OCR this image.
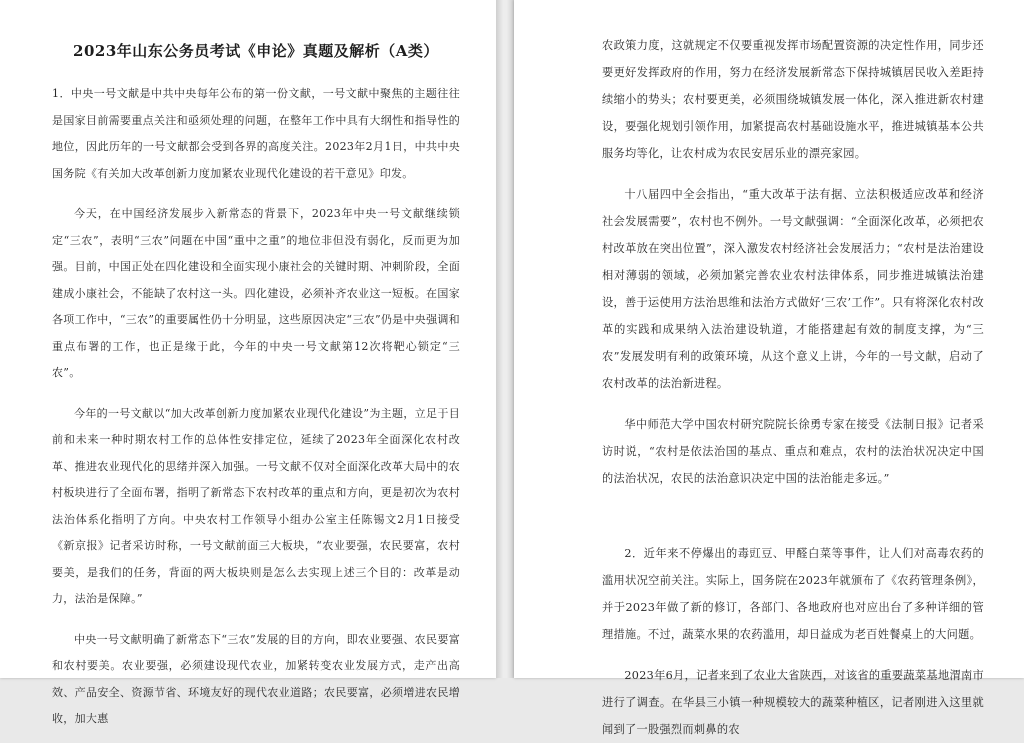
2023年山东公务员考试《申论》真题及解析（A类）

1．中央一号文献是中共中央每年公布的第一份文献，一号文献中聚焦的主题往往是国家目前需要重点关注和亟须处理的问题，在整年工作中具有大纲性和指导性的地位，因此历年的一号文献都会受到各界的高度关注。2023年2月1日，中共中央国务院《有关加大改革创新力度加紧农业现代化建设的若干意见》印发。

今天，在中国经济发展步入新常态的背景下，2023年中央一号文献继续锁定“三农”，表明“三农”问题在中国“重中之重”的地位非但没有弱化，反而更为加强。目前，中国正处在四化建设和全面实现小康社会的关键时期、冲刺阶段，全面建成小康社会，不能缺了农村这一头。四化建设，必须补齐农业这一短板。在国家各项工作中，“三农”的重要属性仍十分明显，这些原因决定“三农”仍是中央强调和重点布署的工作，也正是缘于此，今年的中央一号文献第12次将靶心锁定“三农”。

今年的一号文献以“加大改革创新力度加紧农业现代化建设”为主题，立足于目前和未来一种时期农村工作的总体性安排定位，延续了2023年全面深化农村改革、推进农业现代化的思绪并深入加强。一号文献不仅对全面深化改革大局中的农村板块进行了全面布署，指明了新常态下农村改革的重点和方向，更是初次为农村法治体系化指明了方向。中央农村工作领导小组办公室主任陈锡文2月1日接受《新京报》记者采访时称，一号文献前面三大板块，“农业要强，农民要富，农村要美，是我们的任务，背面的两大板块则是怎么去实现上述三个目的：改革是动力，法治是保障。”

中央一号文献明确了新常态下“三农”发展的目的方向，即农业要强、农民要富和农村要美。农业要强，必须建设现代农业，加紧转变农业发展方式，走产出高效、产品安全、资源节省、环境友好的现代农业道路；农民要富，必须增进农民增收，加大惠

农政策力度，这就规定不仅要重视发挥市场配置资源的决定性作用，同步还要更好发挥政府的作用，努力在经济发展新常态下保持城镇居民收入差距持续缩小的势头；农村要更美，必须围绕城镇发展一体化，深入推进新农村建设，要强化规划引领作用，加紧提高农村基础设施水平，推进城镇基本公共服务均等化，让农村成为农民安居乐业的漂亮家园。

十八届四中全会指出，“重大改革于法有据、立法积极适应改革和经济社会发展需要”，农村也不例外。一号文献强调：“全面深化改革，必须把农村改革放在突出位置”，深入激发农村经济社会发展活力；“农村是法治建设相对薄弱的领域，必须加紧完善农业农村法律体系，同步推进城镇法治建设，善于运使用方法治思维和法治方式做好‘三农’工作”。只有将深化农村改革的实践和成果纳入法治建设轨道，才能搭建起有效的制度支撑，为“三农”发展发明有利的政策环境，从这个意义上讲，今年的一号文献，启动了农村改革的法治新进程。

华中师范大学中国农村研究院院长徐勇专家在接受《法制日报》记者采访时说，“农村是依法治国的基点、重点和难点，农村的法治状况决定中国的法治状况，农民的法治意识决定中国的法治能走多远。”

2．近年来不停爆出的毒豇豆、甲醛白菜等事件，让人们对高毒农药的滥用状况空前关注。实际上，国务院在2023年就颁布了《农药管理条例》，并于2023年做了新的修订，各部门、各地政府也对应出台了多种详细的管理措施。不过，蔬菜水果的农药滥用，却日益成为老百姓餐桌上的大问题。

2023年6月，记者来到了农业大省陕西，对该省的重要蔬菜基地渭南市进行了调查。在华县三小镇一种规模较大的蔬菜种植区，记者刚进入这里就闻到了一股强烈而刺鼻的农
